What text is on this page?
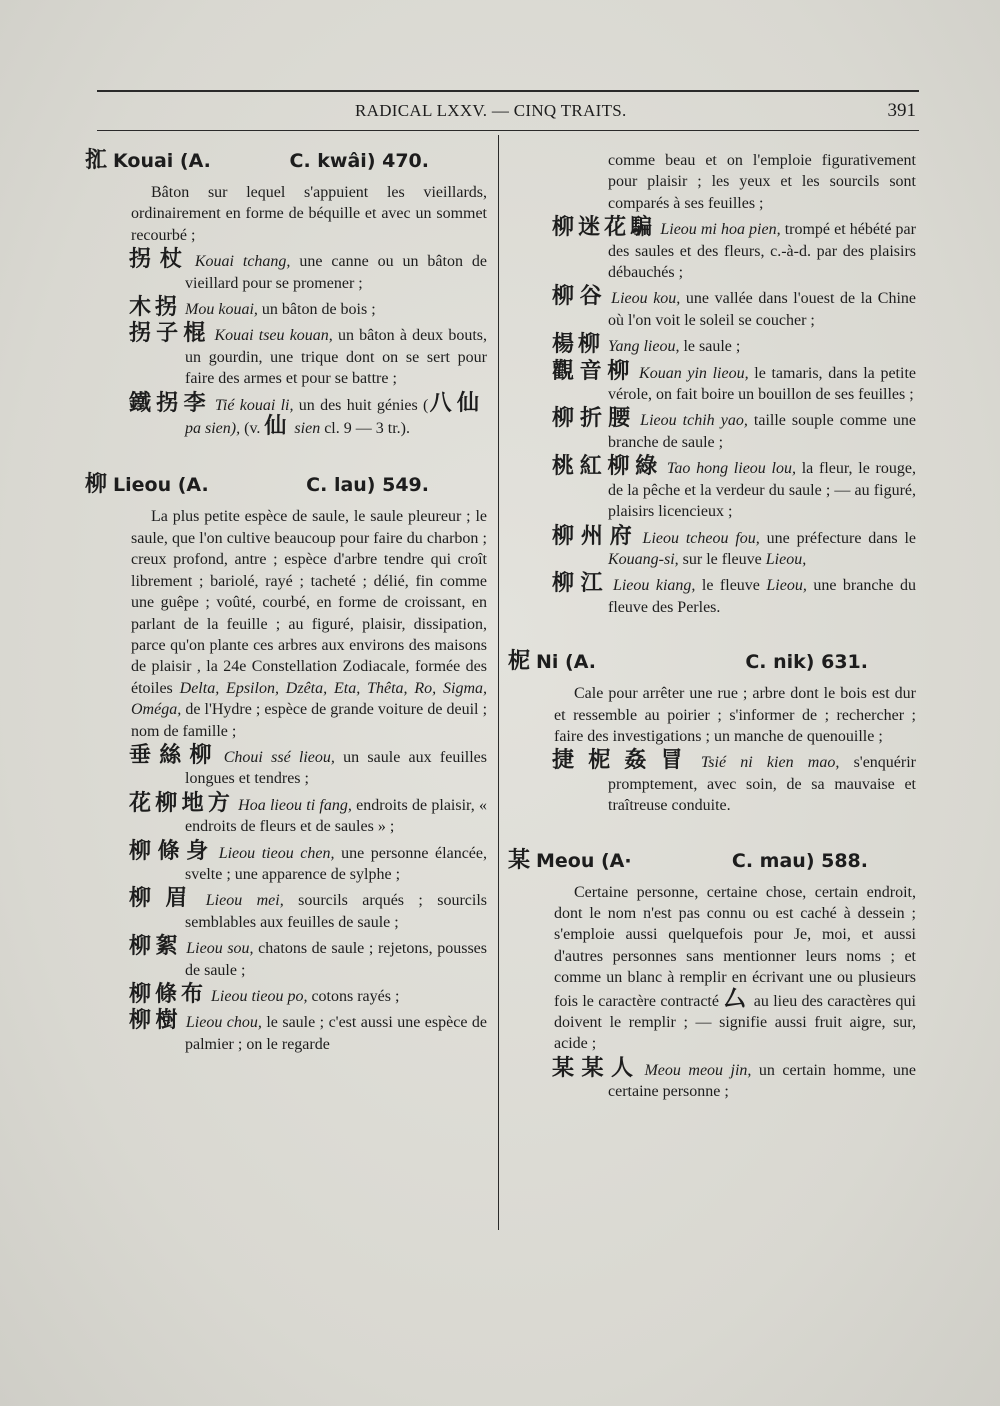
RADICAL LXXV. — CINQ TRAITS.	391
㧟 Kouai (A.	C. kwâi) 470.

Bâton sur lequel s'appuient les vieillards, ordinairement en forme de béquille et avec un sommet recourbé ;

拐杖 Kouai tchang, une canne ou un bâton de vieillard pour se promener ;

木拐 Mou kouai, un bâton de bois ;

拐子棍 Kouai tseu kouan, un bâton à deux bouts, un gourdin, une trique dont on se sert pour faire des armes et pour se battre ;

鐵拐李 Tié kouai li, un des huit génies (八仙pa sien), (v. 仙 sien cl. 9 — 3 tr.).

柳 Lieou (A.	C. lau) 549.

La plus petite espèce de saule, le saule pleureur ; le saule, que l'on cultive beaucoup pour faire du charbon ; creux profond, antre ; espèce d'arbre tendre qui croît librement ; bariolé, rayé ; tacheté ; délié, fin comme une guêpe ; voûté, courbé, en forme de croissant, en parlant de la feuille ; au figuré, plaisir, dissipation, parce qu'on plante ces arbres aux environs des maisons de plaisir , la 24e Constellation Zodiacale, formée des étoiles Delta, Epsilon, Dzêta, Eta, Thêta, Ro, Sigma, Oméga, de l'Hydre ; espèce de grande voiture de deuil ; nom de famille ;

垂絲柳 Choui ssé lieou, un saule aux feuilles longues et tendres ;

花柳地方 Hoa lieou ti fang, endroits de plaisir, « endroits de fleurs et de saules » ;

柳條身 Lieou tieou chen, une personne élancée, svelte ; une apparence de sylphe ;

柳眉 Lieou mei, sourcils arqués ; sourcils semblables aux feuilles de saule ;

柳絮 Lieou sou, chatons de saule ; rejetons, pousses de saule ;

柳條布 Lieou tieou po, cotons rayés ;

柳樹 Lieou chou, le saule ; c'est aussi une espèce de palmier ; on le regarde

comme beau et on l'emploie figurativement pour plaisir ; les yeux et les sourcils sont comparés à ses feuilles ;

柳迷花騙 Lieou mi hoa pien, trompé et hébété par des saules et des fleurs, c.-à-d. par des plaisirs débauchés ;

柳谷 Lieou kou, une vallée dans l'ouest de la Chine où l'on voit le soleil se coucher ;

楊柳 Yang lieou, le saule ;

觀音柳 Kouan yin lieou, le tamaris, dans la petite vérole, on fait boire un bouillon de ses feuilles ;

柳折腰 Lieou tchih yao, taille souple comme une branche de saule ;

桃紅柳綠 Tao hong lieou lou, la fleur, le rouge, de la pêche et la verdeur du saule ; — au figuré, plaisirs licencieux ;

柳州府 Lieou tcheou fou, une préfecture dans le Kouang-si, sur le fleuve Lieou,

柳江 Lieou kiang, le fleuve Lieou, une branche du fleuve des Perles.

柅 Ni (A.	C. nik) 631.

Cale pour arrêter une rue ; arbre dont le bois est dur et ressemble au poirier ; s'informer de ; rechercher ; faire des investigations ; un manche de quenouille ;

捷柅姦冒 Tsié ni kien mao, s'enquérir promptement, avec soin, de sa mauvaise et traîtreuse conduite.

某 Meou (A·	C. mau) 588.

Certaine personne, certaine chose, certain endroit, dont le nom n'est pas connu ou est caché à dessein ; s'emploie aussi quelquefois pour Je, moi, et aussi d'autres personnes sans mentionner leurs noms ; et comme un blanc à remplir en écrivant une ou plusieurs fois le caractère contracté 厶 au lieu des caractères qui doivent le remplir ; — signifie aussi fruit aigre, sur, acide ;

某某人 Meou meou jin, un certain homme, une certaine personne ;
